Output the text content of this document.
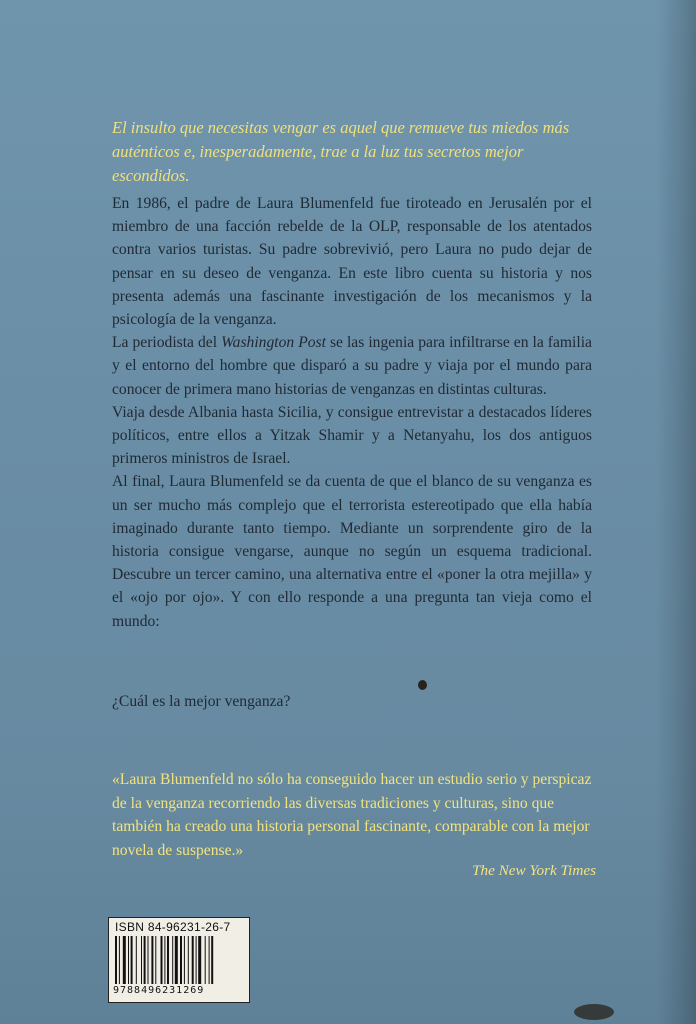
El insulto que necesitas vengar es aquel que remueve tus miedos más auténticos e, inesperadamente, trae a la luz tus secretos mejor escondidos.

En 1986, el padre de Laura Blumenfeld fue tiroteado en Jerusalén por el miembro de una facción rebelde de la OLP, responsable de los atentados contra varios turistas. Su padre sobrevivió, pero Laura no pudo dejar de pensar en su deseo de venganza. En este libro cuenta su historia y nos presenta además una fascinante investigación de los mecanismos y la psicología de la venganza.

La periodista del Washington Post se las ingenia para infiltrarse en la familia y el entorno del hombre que disparó a su padre y viaja por el mundo para conocer de primera mano historias de venganzas en distintas culturas.

Viaja desde Albania hasta Sicilia, y consigue entrevistar a destacados líderes políticos, entre ellos a Yitzak Shamir y a Netanyahu, los dos antiguos primeros ministros de Israel.

Al final, Laura Blumenfeld se da cuenta de que el blanco de su venganza es un ser mucho más complejo que el terrorista estereotipado que ella había imaginado durante tanto tiempo. Mediante un sorprendente giro de la historia consigue vengarse, aunque no según un esquema tradicional. Descubre un tercer camino, una alternativa entre el «poner la otra mejilla» y el «ojo por ojo». Y con ello responde a una pregunta tan vieja como el mundo:

¿Cuál es la mejor venganza?
«Laura Blumenfeld no sólo ha conseguido hacer un estudio serio y perspicaz de la venganza recorriendo las diversas tradiciones y culturas, sino que también ha creado una historia personal fascinante, comparable con la mejor novela de suspense.»
The New York Times
ISBN 84-96231-26-7
9788496231269
